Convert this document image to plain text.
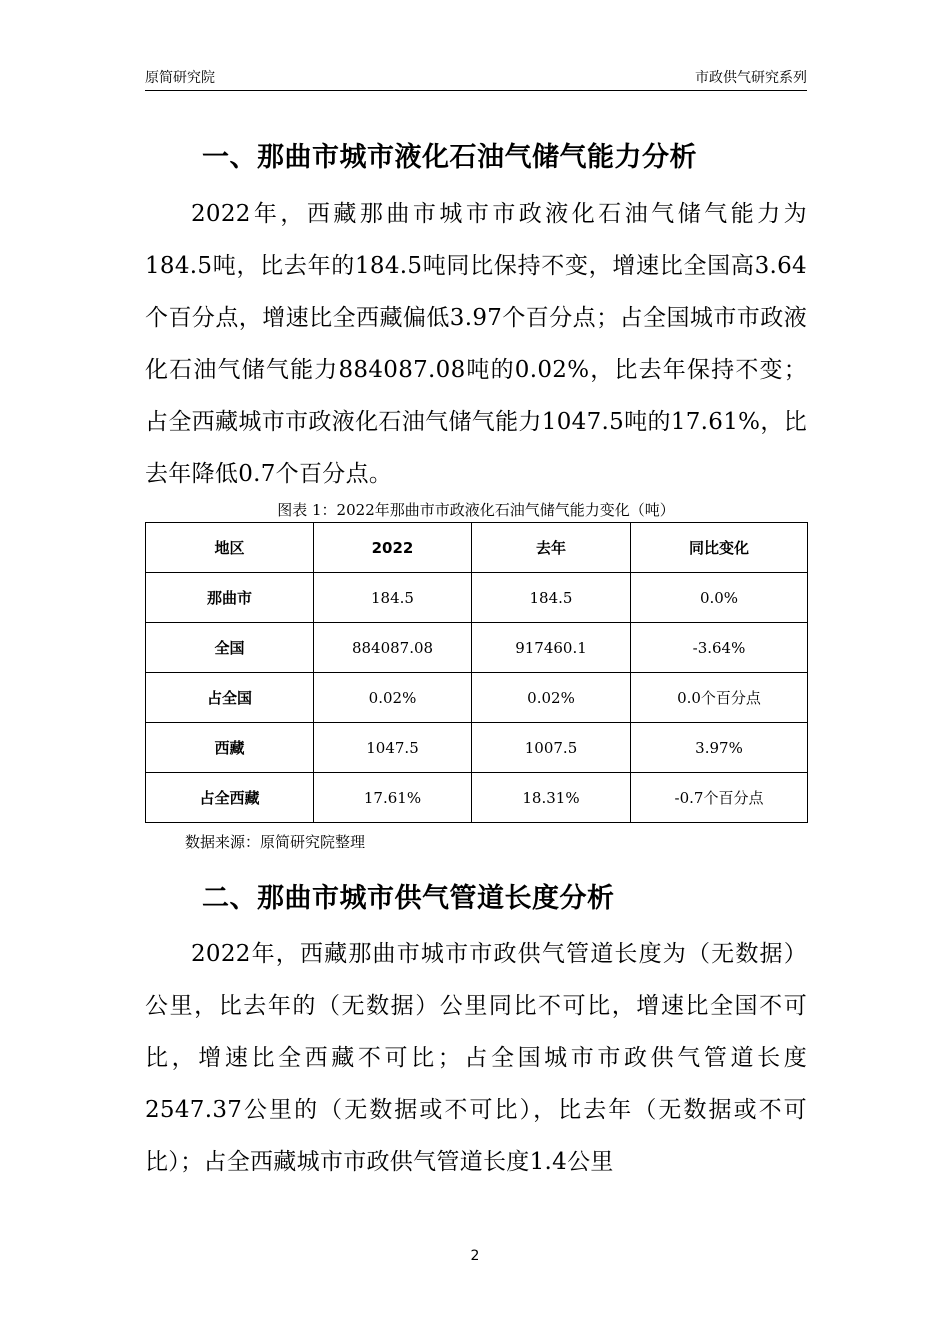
原简研究院	市政供气研究系列
一、那曲市城市液化石油气储气能力分析

2022年，西藏那曲市城市市政液化石油气储气能力为184.5吨，比去年的184.5吨同比保持不变，增速比全国高3.64个百分点，增速比全西藏偏低3.97个百分点；占全国城市市政液化石油气储气能力884087.08吨的0.02%，比去年保持不变；占全西藏城市市政液化石油气储气能力1047.5吨的17.61%，比去年降低0.7个百分点。

图表 1：2022年那曲市市政液化石油气储气能力变化（吨）
地区	2022	去年	同比变化
那曲市	184.5	184.5	0.0%
全国	884087.08	917460.1	-3.64%
占全国	0.02%	0.02%	0.0个百分点
西藏	1047.5	1007.5	3.97%
占全西藏	17.61%	18.31%	-0.7个百分点
数据来源：原简研究院整理
二、那曲市城市供气管道长度分析

2022年，西藏那曲市城市市政供气管道长度为（无数据）公里，比去年的（无数据）公里同比不可比，增速比全国不可比，增速比全西藏不可比；占全国城市市政供气管道长度2547.37公里的（无数据或不可比），比去年（无数据或不可比）；占全西藏城市市政供气管道长度1.4公里

2
